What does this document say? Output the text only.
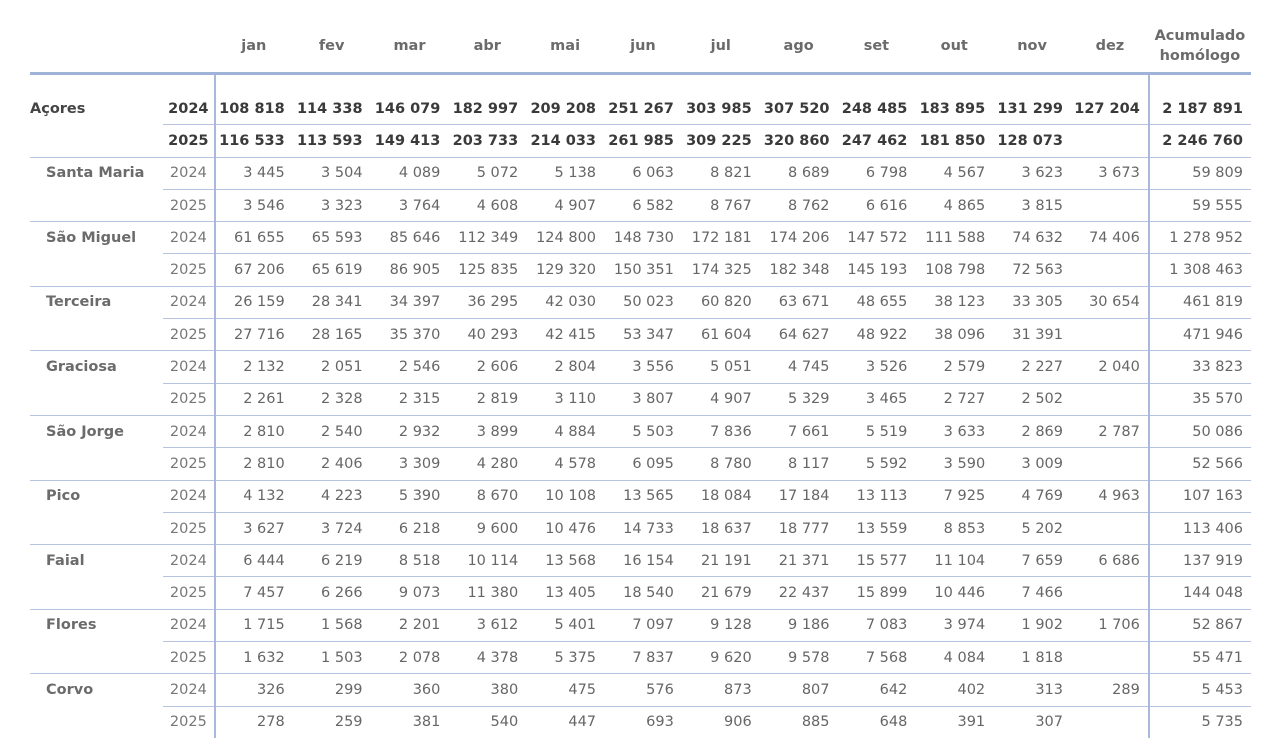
		jan	fev	mar	abr	mai	jun	jul	ago	set	out	nov	dez	Acumulado
homólogo

Açores	2024	108 818	114 338	146 079	182 997	209 208	251 267	303 985	307 520	248 485	183 895	131 299	127 204	2 187 891
	2025	116 533	113 593	149 413	203 733	214 033	261 985	309 225	320 860	247 462	181 850	128 073		2 246 760
Santa Maria	2024	3 445	3 504	4 089	5 072	5 138	6 063	8 821	8 689	6 798	4 567	3 623	3 673	59 809
	2025	3 546	3 323	3 764	4 608	4 907	6 582	8 767	8 762	6 616	4 865	3 815		59 555
São Miguel	2024	61 655	65 593	85 646	112 349	124 800	148 730	172 181	174 206	147 572	111 588	74 632	74 406	1 278 952
	2025	67 206	65 619	86 905	125 835	129 320	150 351	174 325	182 348	145 193	108 798	72 563		1 308 463
Terceira	2024	26 159	28 341	34 397	36 295	42 030	50 023	60 820	63 671	48 655	38 123	33 305	30 654	461 819
	2025	27 716	28 165	35 370	40 293	42 415	53 347	61 604	64 627	48 922	38 096	31 391		471 946
Graciosa	2024	2 132	2 051	2 546	2 606	2 804	3 556	5 051	4 745	3 526	2 579	2 227	2 040	33 823
	2025	2 261	2 328	2 315	2 819	3 110	3 807	4 907	5 329	3 465	2 727	2 502		35 570
São Jorge	2024	2 810	2 540	2 932	3 899	4 884	5 503	7 836	7 661	5 519	3 633	2 869	2 787	50 086
	2025	2 810	2 406	3 309	4 280	4 578	6 095	8 780	8 117	5 592	3 590	3 009		52 566
Pico	2024	4 132	4 223	5 390	8 670	10 108	13 565	18 084	17 184	13 113	7 925	4 769	4 963	107 163
	2025	3 627	3 724	6 218	9 600	10 476	14 733	18 637	18 777	13 559	8 853	5 202		113 406
Faial	2024	6 444	6 219	8 518	10 114	13 568	16 154	21 191	21 371	15 577	11 104	7 659	6 686	137 919
	2025	7 457	6 266	9 073	11 380	13 405	18 540	21 679	22 437	15 899	10 446	7 466		144 048
Flores	2024	1 715	1 568	2 201	3 612	5 401	7 097	9 128	9 186	7 083	3 974	1 902	1 706	52 867
	2025	1 632	1 503	2 078	4 378	5 375	7 837	9 620	9 578	7 568	4 084	1 818		55 471
Corvo	2024	326	299	360	380	475	576	873	807	642	402	313	289	5 453
	2025	278	259	381	540	447	693	906	885	648	391	307		5 735
